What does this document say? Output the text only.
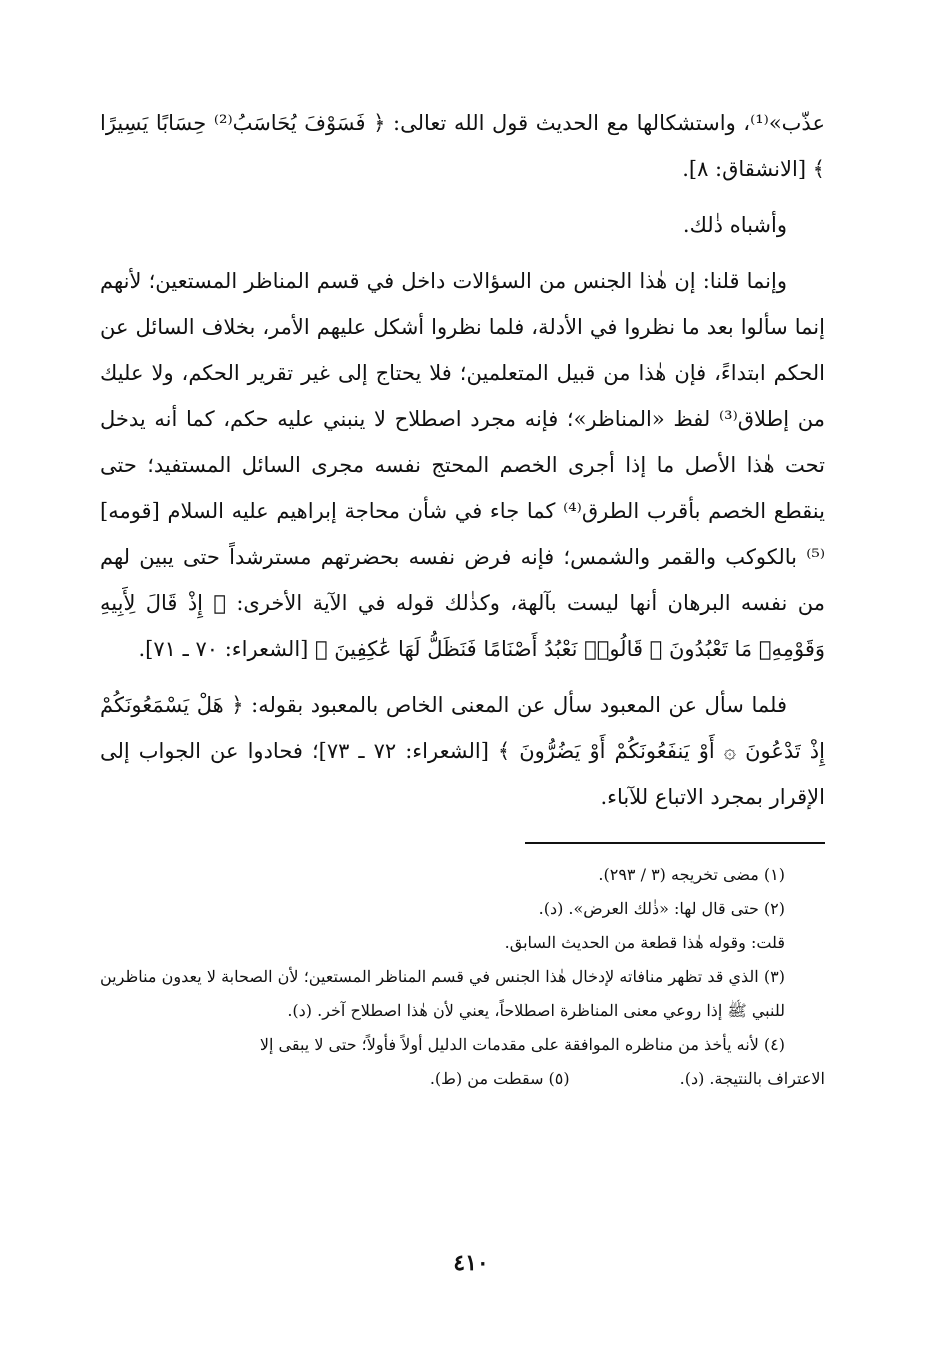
عذّب»⁽¹⁾، واستشكالها مع الحديث قول الله تعالى: ﴿ فَسَوْفَ يُحَاسَبُ⁽²⁾ حِسَابًا يَسِيرًا ﴾ [الانشقاق: ٨].

وأشباه ذٰلك.

وإنما قلنا: إن هٰذا الجنس من السؤالات داخل في قسم المناظر المستعين؛ لأنهم إنما سألوا بعد ما نظروا في الأدلة، فلما نظروا أشكل عليهم الأمر، بخلاف السائل عن الحكم ابتداءً، فإن هٰذا من قبيل المتعلمين؛ فلا يحتاج إلى غير تقرير الحكم، ولا عليك من إطلاق⁽³⁾ لفظ «المناظر»؛ فإنه مجرد اصطلاح لا ينبني عليه حكم، كما أنه يدخل تحت هٰذا الأصل ما إذا أجرى الخصم المحتج نفسه مجرى السائل المستفيد؛ حتى ينقطع الخصم بأقرب الطرق⁽⁴⁾ كما جاء في شأن محاجة إبراهيم عليه السلام [قومه]⁽⁵⁾ بالكوكب والقمر والشمس؛ فإنه فرض نفسه بحضرتهم مسترشداً حتى يبين لهم من نفسه البرهان أنها ليست بآلهة، وكذٰلك قوله في الآية الأخرى: ﴿ إِذْ قَالَ لِأَبِيهِ وَقَوْمِهِۦ مَا تَعْبُدُونَ ۞ قَالُوا۟ نَعْبُدُ أَصْنَامًا فَنَظَلُّ لَهَا عَٰكِفِينَ ﴾ [الشعراء: ٧٠ ـ ٧١].

فلما سأل عن المعبود سأل عن المعنى الخاص بالمعبود بقوله: ﴿ هَلْ يَسْمَعُونَكُمْ إِذْ تَدْعُونَ ۞ أَوْ يَنفَعُونَكُمْ أَوْ يَضُرُّونَ ﴾ [الشعراء: ٧٢ ـ ٧٣]؛ فحادوا عن الجواب إلى الإقرار بمجرد الاتباع للآباء.

(١) مضى تخريجه (٣ / ٢٩٣).

(٢) حتى قال لها: «ذٰلك العرض». (د).

قلت: وقوله هٰذا قطعة من الحديث السابق.

(٣) الذي قد تظهر منافاته لإدخال هٰذا الجنس في قسم المناظر المستعين؛ لأن الصحابة لا يعدون مناظرين للنبي ﷺ إذا روعي معنى المناظرة اصطلاحاً، يعني لأن هٰذا اصطلاح آخر. (د).

(٤) لأنه يأخذ من مناظره الموافقة على مقدمات الدليل أولاً فأولاً؛ حتى لا يبقى إلا

الاعتراف بالنتيجة. (د).
(٥) سقطت من (ط).
٤١٠
